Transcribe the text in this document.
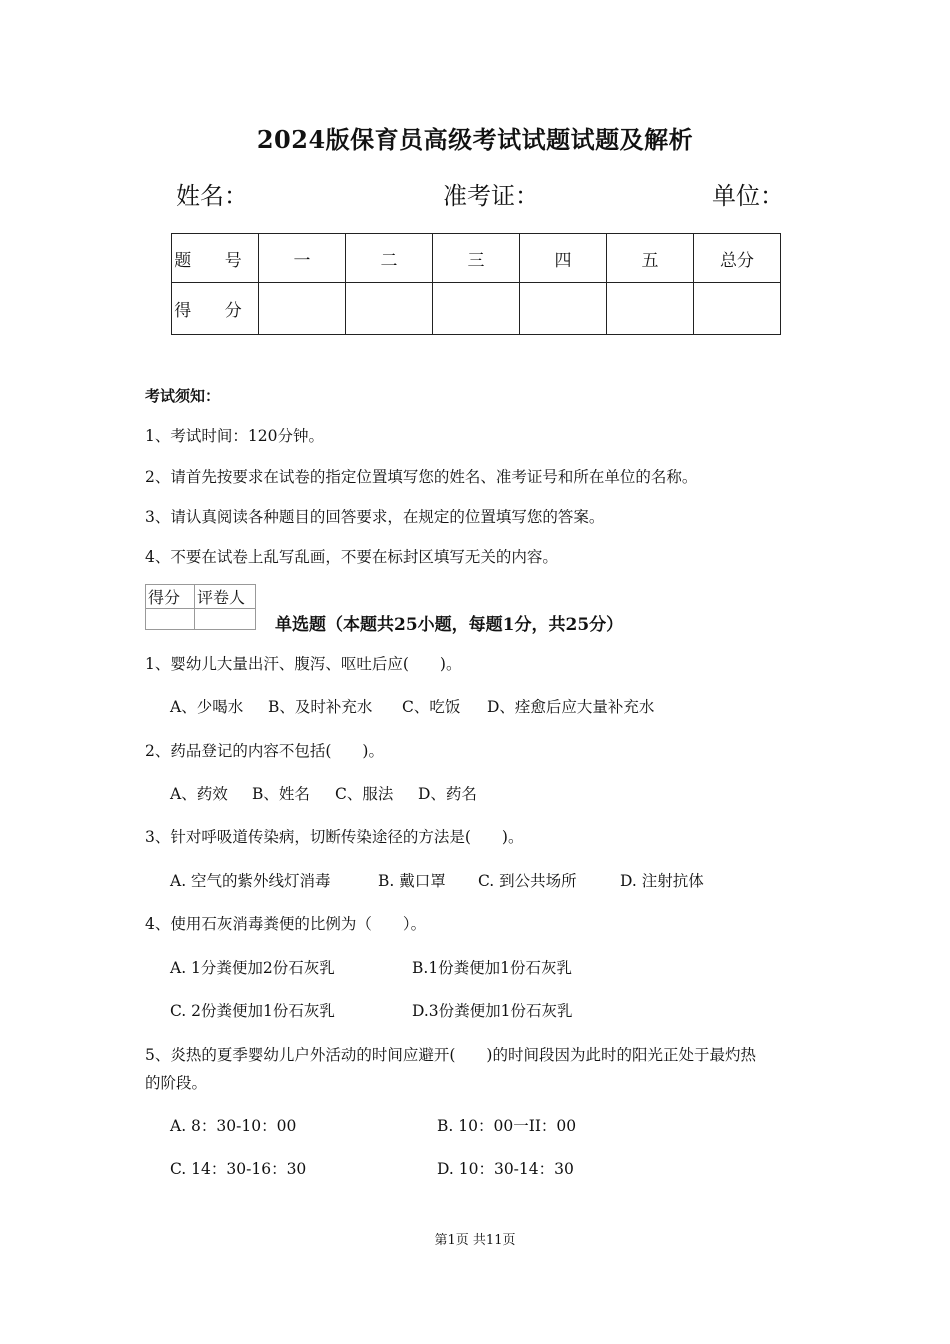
2024版保育员高级考试试题试题及解析
姓名：	准考证：	单位：
题 号	一	二	三	四	五	总分
得 分						
考试须知：
1、考试时间：120分钟。
2、请首先按要求在试卷的指定位置填写您的姓名、准考证号和所在单位的名称。
3、请认真阅读各种题目的回答要求，在规定的位置填写您的答案。
4、不要在试卷上乱写乱画，不要在标封区填写无关的内容。
得分	评卷人

单选题（本题共25小题，每题1分，共25分）
1、婴幼儿大量出汗、腹泻、呕吐后应(　　)。
A、少喝水 B、及时补充水 C、吃饭 D、痊愈后应大量补充水
2、药品登记的内容不包括(　　)。
A、药效 B、姓名 C、服法 D、药名
3、针对呼吸道传染病，切断传染途径的方法是(　　)。
A. 空气的紫外线灯消毒	B. 戴口罩 C. 到公共场所	D. 注射抗体
4、使用石灰消毒粪便的比例为（　　）。
A. 1分粪便加2份石灰乳	B.1份粪便加1份石灰乳
C. 2份粪便加1份石灰乳	D.3份粪便加1份石灰乳
5、炎热的夏季婴幼儿户外活动的时间应避开(　　)的时间段因为此时的阳光正处于最灼热
的阶段。
A. 8：30-10：00	B. 10：00一II：00
C. 14：30-16：30	D. 10：30-14：30
第1页 共11页
